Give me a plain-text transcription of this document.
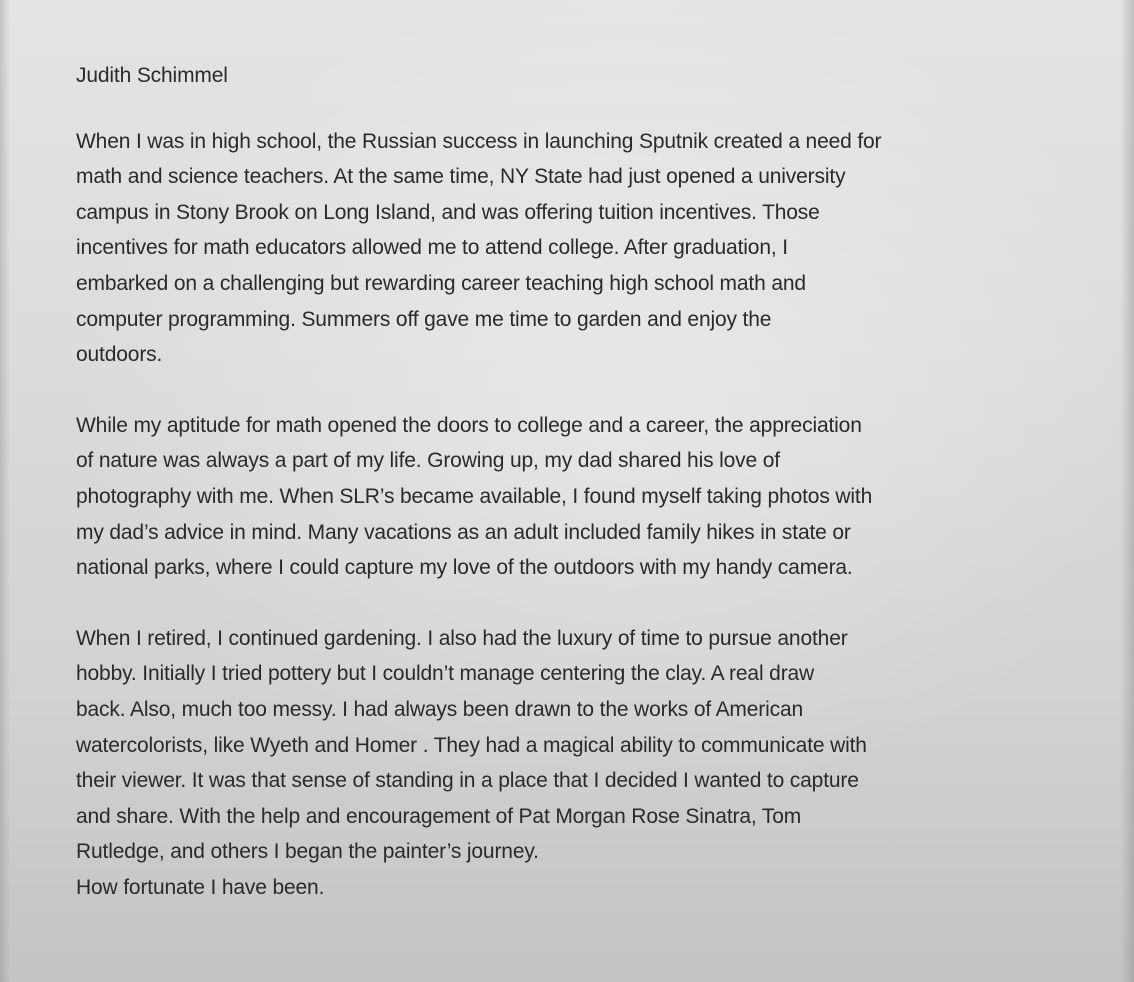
Judith Schimmel
When I was in high school, the Russian success in launching Sputnik created a need for
math and science teachers. At the same time, NY State had just opened a university
campus in Stony Brook on Long Island, and was offering tuition incentives. Those
incentives for math educators allowed me to attend college. After graduation, I
embarked on a challenging but rewarding career teaching high school math and
computer programming. Summers off gave me time to garden and enjoy the
outdoors.
While my aptitude for math opened the doors to college and a career, the appreciation
of nature was always a part of my life. Growing up, my dad shared his love of
photography with me. When SLR’s became available, I found myself taking photos with
my dad’s advice in mind. Many vacations as an adult included family hikes in state or
national parks, where I could capture my love of the outdoors with my handy camera.
When I retired, I continued gardening. I also had the luxury of time to pursue another
hobby. Initially I tried pottery but I couldn’t manage centering the clay. A real draw
back. Also, much too messy. I had always been drawn to the works of American
watercolorists, like Wyeth and Homer . They had a magical ability to communicate with
their viewer. It was that sense of standing in a place that I decided I wanted to capture
and share. With the help and encouragement of Pat Morgan Rose Sinatra, Tom
Rutledge, and others I began the painter’s journey.
How fortunate I have been.
